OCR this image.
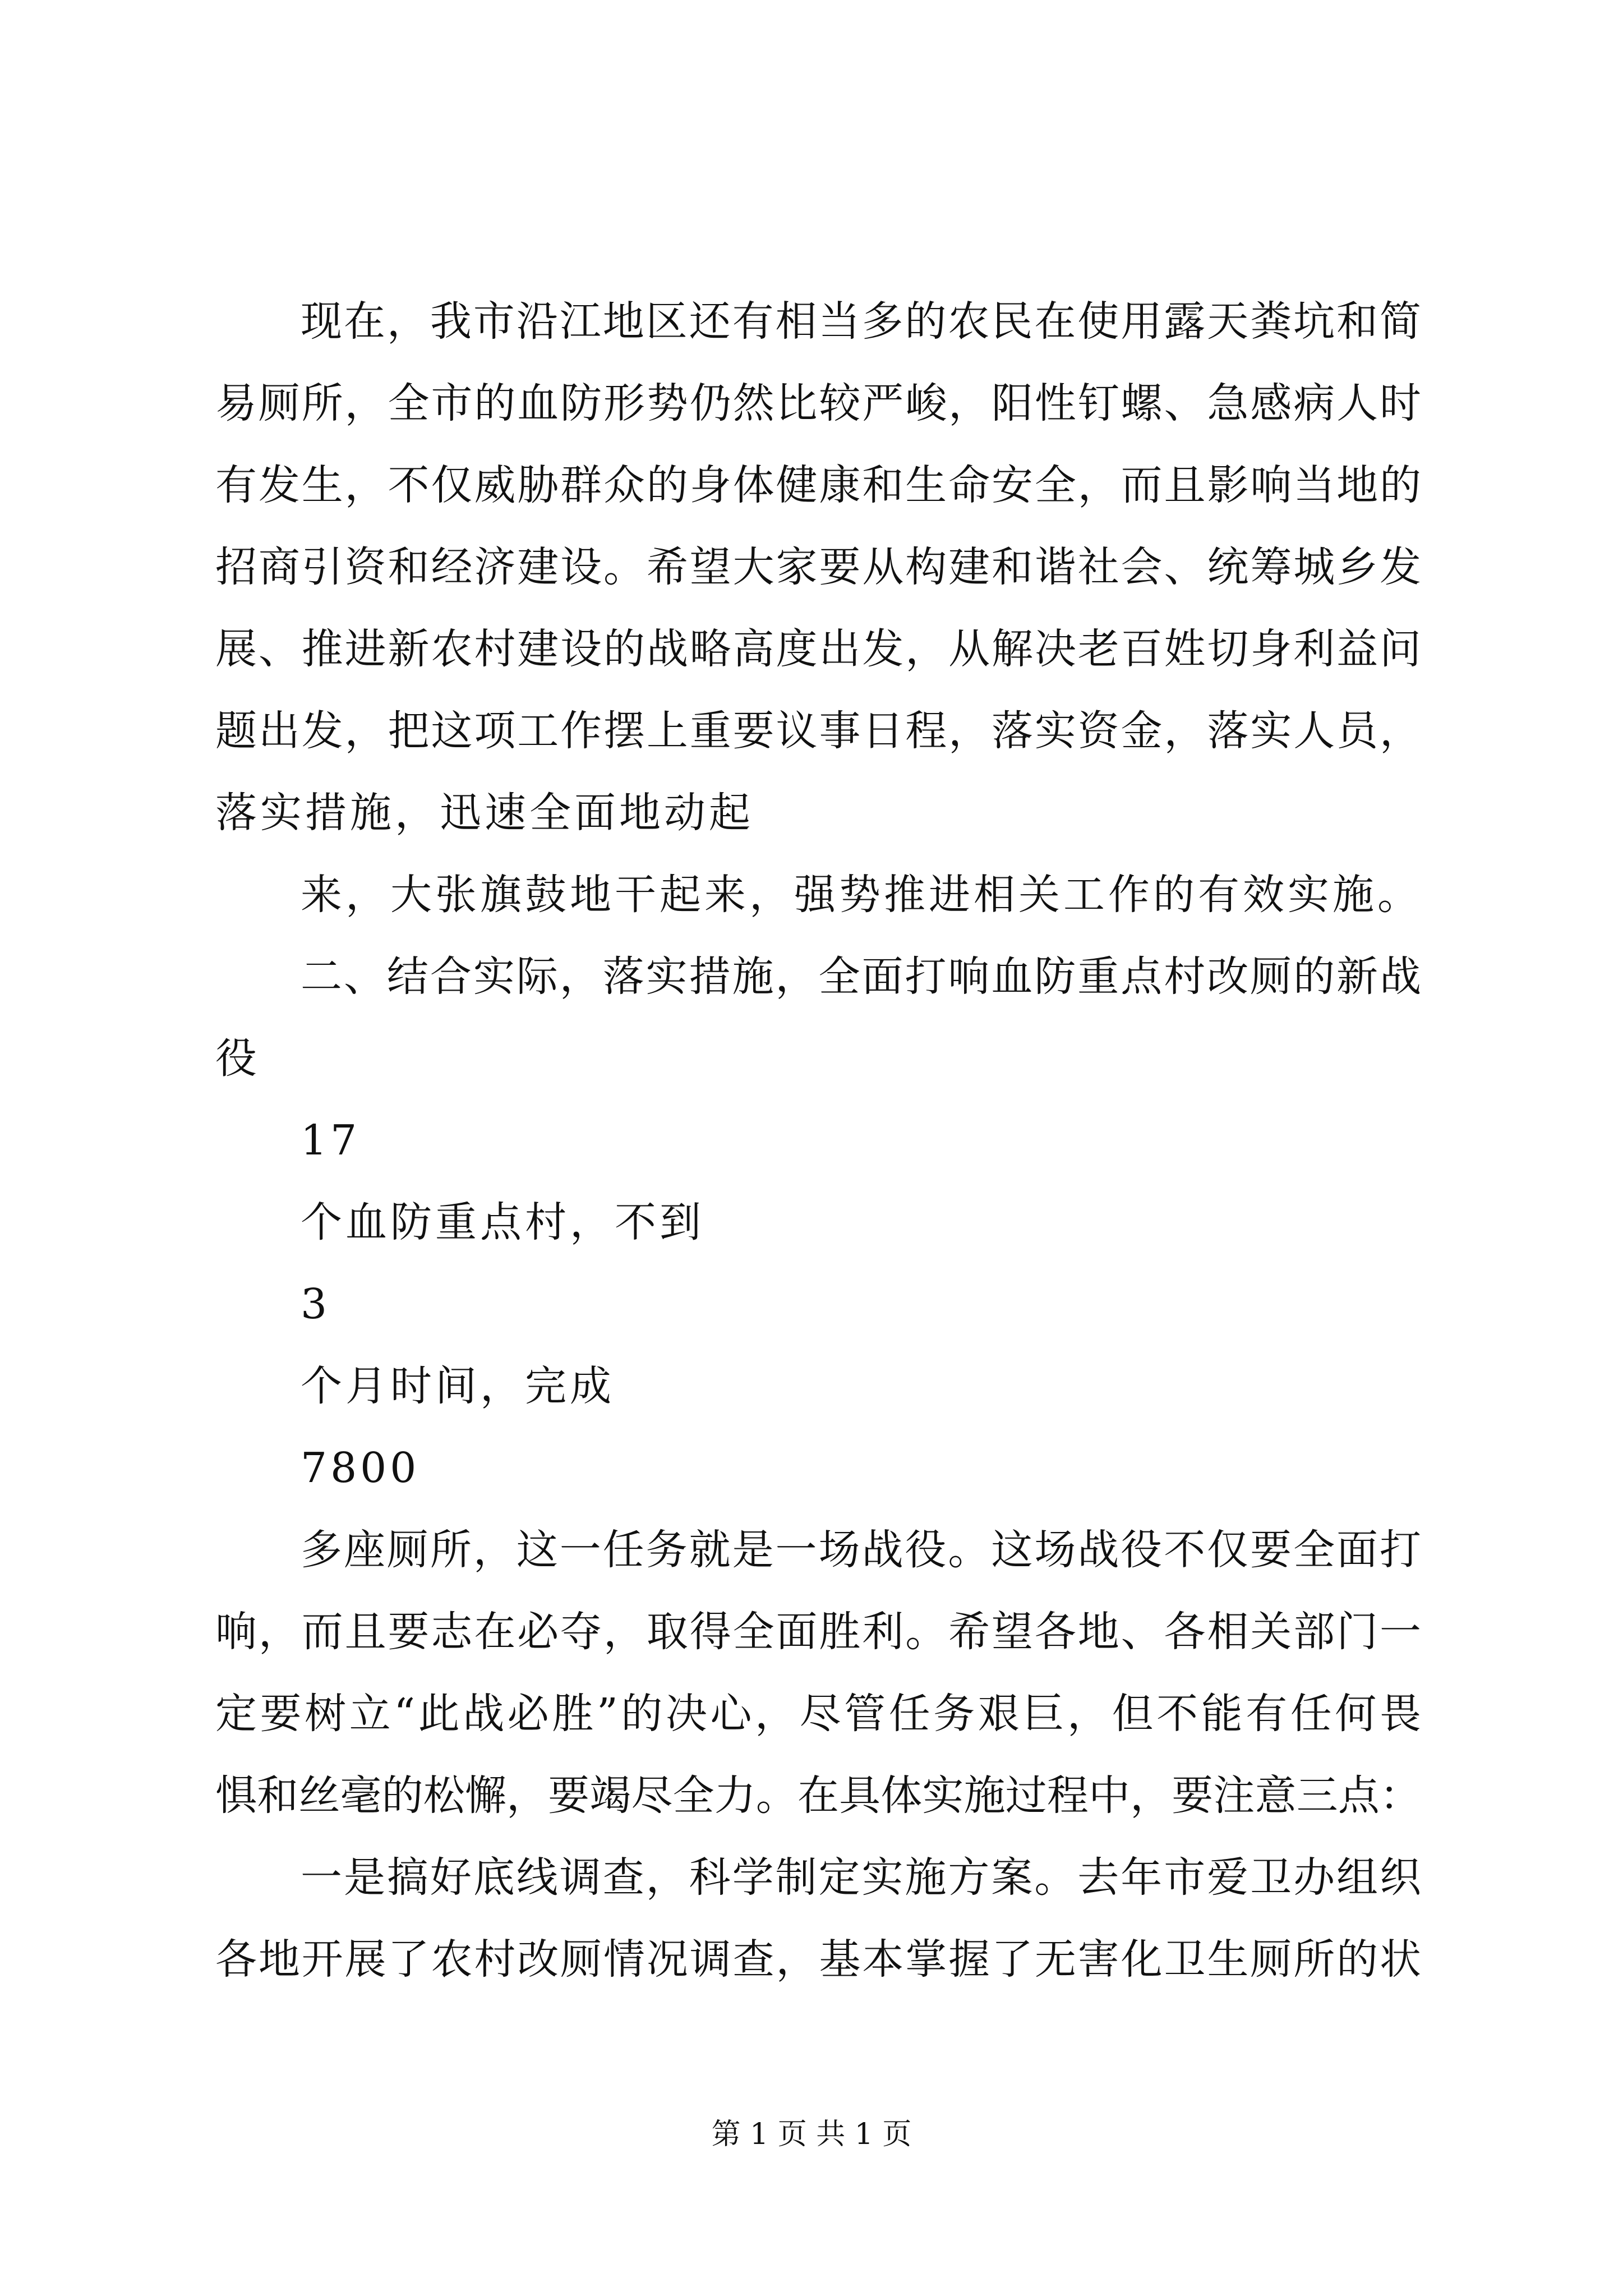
现在，我市沿江地区还有相当多的农民在使用露天粪坑和简
易厕所，全市的血防形势仍然比较严峻，阳性钉螺、急感病人时
有发生，不仅威胁群众的身体健康和生命安全，而且影响当地的
招商引资和经济建设。希望大家要从构建和谐社会、统筹城乡发
展、推进新农村建设的战略高度出发，从解决老百姓切身利益问
题出发，把这项工作摆上重要议事日程，落实资金，落实人员，
落实措施，迅速全面地动起
来，大张旗鼓地干起来，强势推进相关工作的有效实施。
二、结合实际，落实措施，全面打响血防重点村改厕的新战
役
17
个血防重点村，不到
3
个月时间，完成
7800
多座厕所，这一任务就是一场战役。这场战役不仅要全面打
响，而且要志在必夺，取得全面胜利。希望各地、各相关部门一
定要树立“此战必胜”的决心，尽管任务艰巨，但不能有任何畏
惧和丝毫的松懈，要竭尽全力。在具体实施过程中，要注意三点：
一是搞好底线调查，科学制定实施方案。去年市爱卫办组织
各地开展了农村改厕情况调查，基本掌握了无害化卫生厕所的状
第 1 页 共 1 页
